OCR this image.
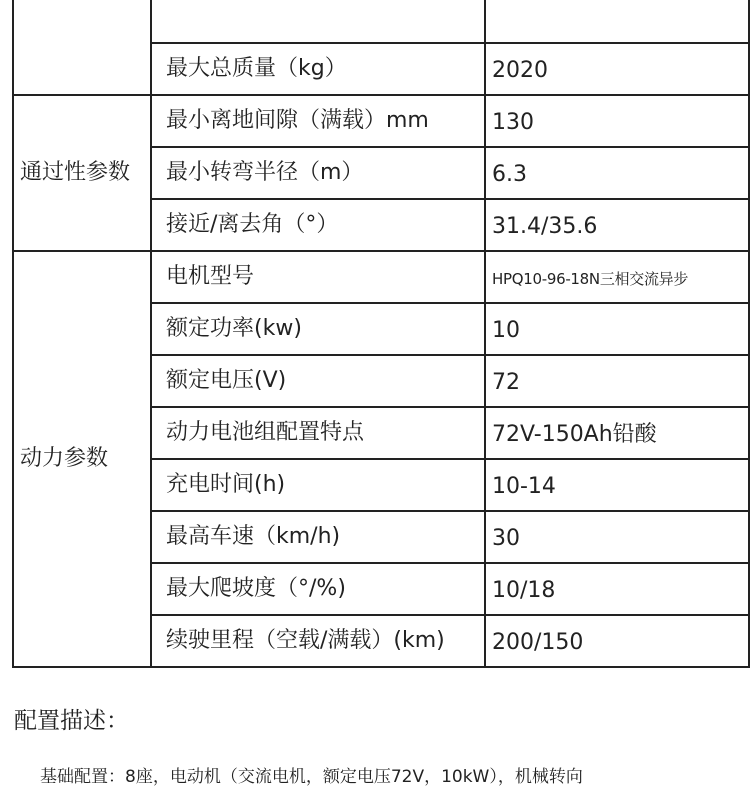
	最大总质量（kg）	2020
通过性参数	最小离地间隙（满载）mm	130
	最小转弯半径（m）	6.3
	接近/离去角（°）	31.4/35.6
动力参数	电机型号	HPQ10-96-18N三相交流异步
	额定功率(kw)	10
	额定电压(V)	72
	动力电池组配置特点	72V-150Ah铅酸
	充电时间(h)	10-14
	最高车速（km/h)	30
	最大爬坡度（°/%)	10/18
	续驶里程（空载/满载）(km)	200/150
配置描述：

基础配置：8座，电动机（交流电机，额定电压72V，10kW），机械转向
